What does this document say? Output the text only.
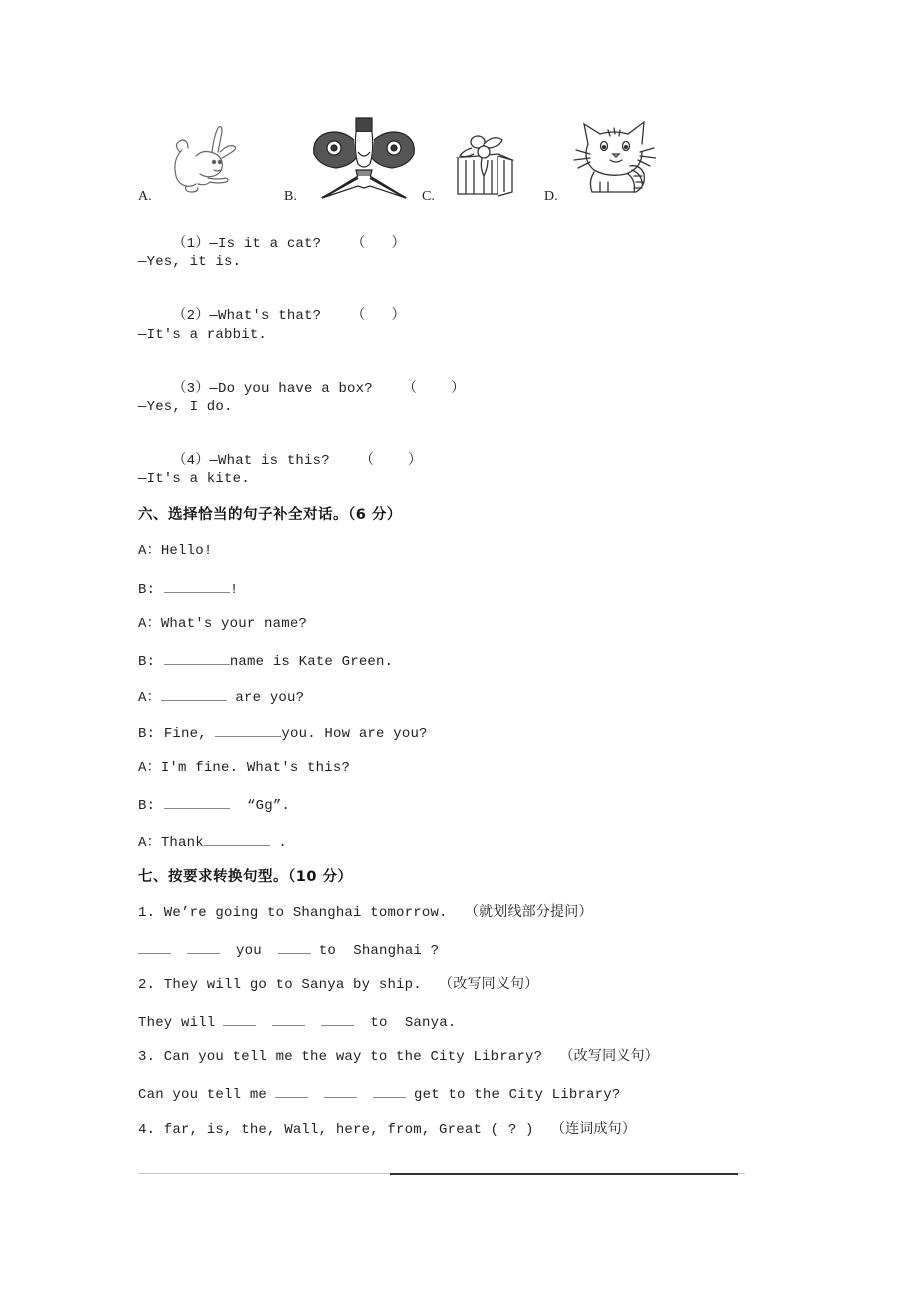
A.	B.	C.	D.

（1）—Is it a cat? （ ）

—Yes, it is.

（2）—What's that? （ ）

—It's a rabbit.

（3）—Do you have a box? （ ）

—Yes, I do.

（4）—What is this? （ ）

—It's a kite.
六、选择恰当的句子补全对话。（6 分）
A：Hello!
B:	!
A：What's your name?
B:	name is Kate Green.
A：	are you?
B: Fine,	you. How are you?
A：I'm fine. What's this?
B:	“Gg”.
A：Thank	.
七、按要求转换句型。（10 分）
1. We’re going to Shanghai tomorrow.  （就划线部分提问）
you	to  Shanghai ?
2. They will go to Sanya by ship.  （改写同义句）
They will	to  Sanya.
3. Can you tell me the way to the City Library?  （改写同义句）
Can you tell me	get to the City Library?
4. far, is, the, Wall, here, from, Great ( ? )  （连词成句）
